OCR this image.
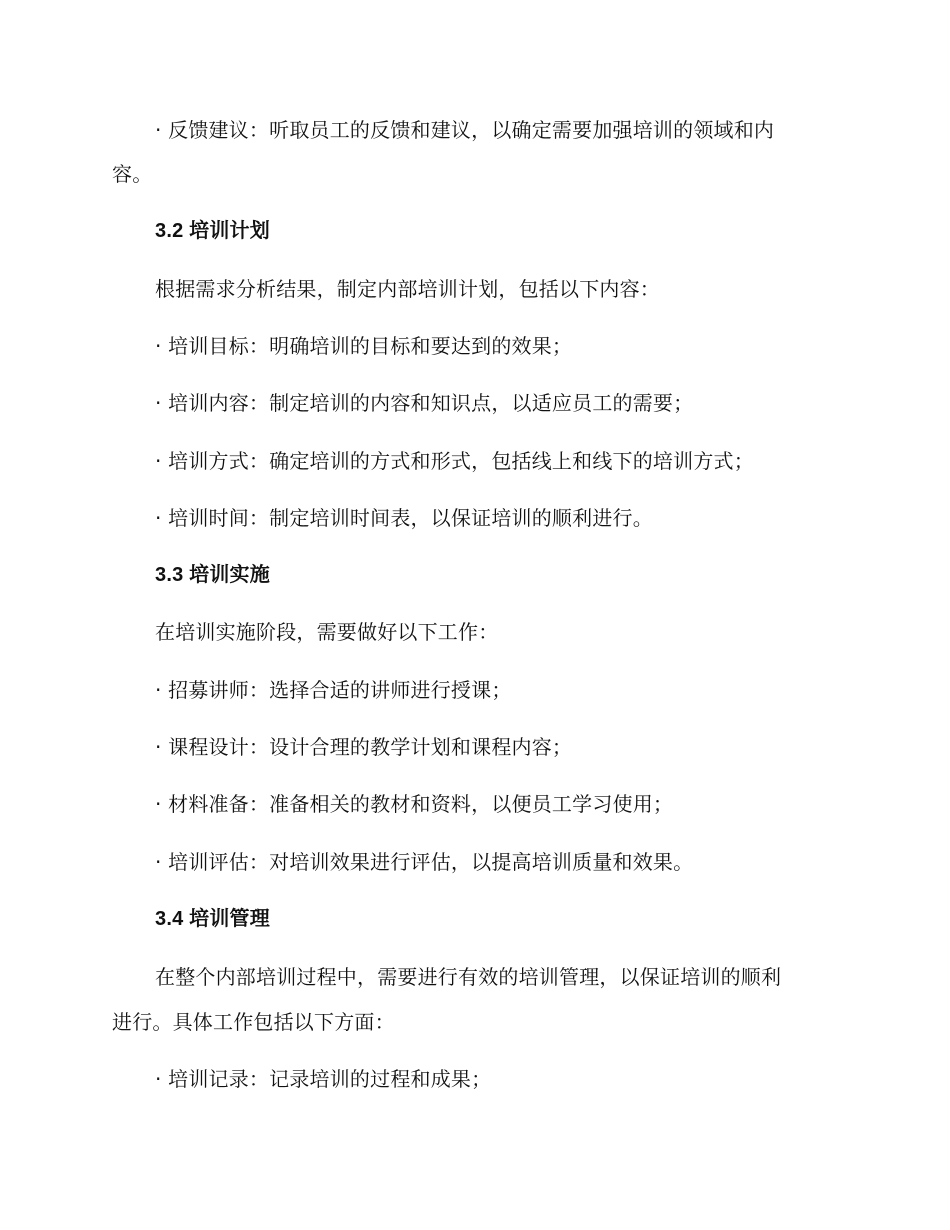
· 反馈建议：听取员工的反馈和建议，以确定需要加强培训的领域和内
容。
3.2 培训计划
根据需求分析结果，制定内部培训计划，包括以下内容：
· 培训目标：明确培训的目标和要达到的效果；
· 培训内容：制定培训的内容和知识点，以适应员工的需要；
· 培训方式：确定培训的方式和形式，包括线上和线下的培训方式；
· 培训时间：制定培训时间表，以保证培训的顺利进行。
3.3 培训实施
在培训实施阶段，需要做好以下工作：
· 招募讲师：选择合适的讲师进行授课；
· 课程设计：设计合理的教学计划和课程内容；
· 材料准备：准备相关的教材和资料，以便员工学习使用；
· 培训评估：对培训效果进行评估，以提高培训质量和效果。
3.4 培训管理
在整个内部培训过程中，需要进行有效的培训管理，以保证培训的顺利
进行。具体工作包括以下方面：
· 培训记录：记录培训的过程和成果；
